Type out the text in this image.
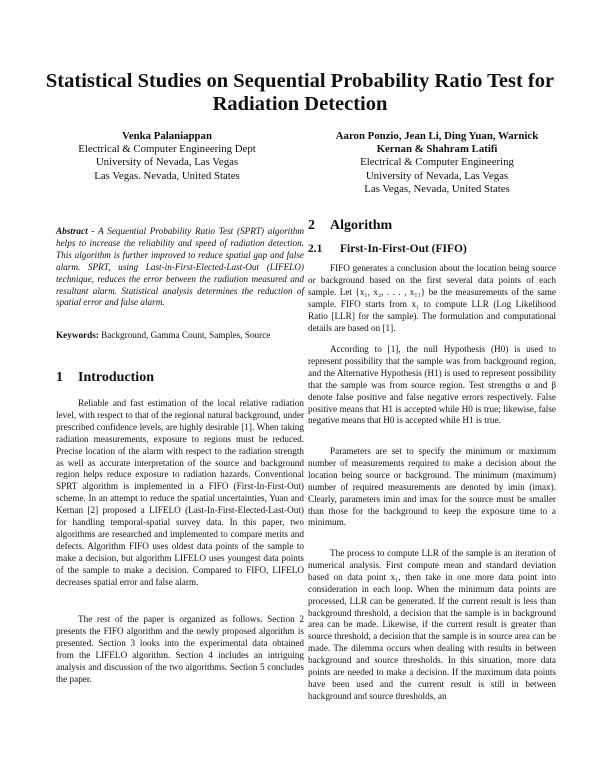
Statistical Studies on Sequential Probability Ratio Test for
Radiation Detection
Venka Palaniappan
Electrical & Computer Engineering Dept
University of Nevada, Las Vegas
Las Vegas. Nevada, United States
Aaron Ponzio, Jean Li, Ding Yuan, Warnick
Kernan & Shahram Latifi
Electrical & Computer Engineering
University of Nevada, Las Vegas
Las Vegas, Nevada, United States

Abstract - A Sequential Probability Ratio Test (SPRT) algorithm helps to increase the reliability and speed of radiation detection. This algorithm is further improved to reduce spatial gap and false alarm. SPRT, using Last-in-First-Elected-Last-Out (LIFELO) technique, reduces the error between the radiation measured and resultant alarm. Statistical analysis determines the reduction of spatial error and false alarm.

Keywords: Background, Gamma Count, Samples, Source

1 Introduction

Reliable and fast estimation of the local relative radiation level, with respect to that of the regional natural background, under prescribed confidence levels, are highly desirable [1]. When taking radiation measurements, exposure to regions must be reduced. Precise location of the alarm with respect to the radiation strength as well as accurate interpretation of the source and background region helps reduce exposure to radiation hazards. Conventional SPRT algorithm is implemented in a FIFO (First-In-First-Out) scheme. In an attempt to reduce the spatial uncertainties, Yuan and Kernan [2] proposed a LIFELO (Last-In-First-Elected-Last-Out) for handling temporal-spatial survey data. In this paper, two algorithms are researched and implemented to compare merits and defects. Algorithm FIFO uses oldest data points of the sample to make a decision, but algorithm LIFELO uses youngest data points of the sample to make a decision. Compared to FIFO, LIFELO decreases spatial error and false alarm.

The rest of the paper is organized as follows. Section 2 presents the FIFO algorithm and the newly proposed algorithm is presented. Section 3 looks into the experimental data obtained from the LIFELO algorithm. Section 4 includes an intriguing analysis and discussion of the two algorithms. Section 5 concludes the paper.

2 Algorithm
2.1 First-In-First-Out (FIFO)

FIFO generates a conclusion about the location being source or background based on the first several data points of each sample. Let {x₁, x₂, . . . , x₁₁} be the measurements of the same sample. FIFO starts from x₁ to compute LLR (Log Likelihood Ratio [LLR] for the sample). The formulation and computational details are based on [1].

According to [1], the null Hypothesis (H0) is used to represent possibility that the sample was from background region, and the Alternative Hypothesis (H1) is used to represent possibility that the sample was from source region. Test strengths α and β denote false positive and false negative errors respectively. False positive means that H1 is accepted while H0 is true; likewise, false negative means that H0 is accepted while H1 is true.

Parameters are set to specify the minimum or maximum number of measurements required to make a decision about the location being source or background. The minimum (maximum) number of required measurements are denoted by imin (imax). Clearly, parameters imin and imax for the source must be smaller than those for the background to keep the exposure time to a minimum.

The process to compute LLR of the sample is an iteration of numerical analysis. First compute mean and standard deviation based on data point x₁, then take in one more data point into consideration in each loop. When the minimum data points are processed, LLR can be generated. If the current result is less than background threshold, a decision that the sample is in background area can be made. Likewise, if the current result is greater than source threshold, a decision that the sample is in source area can be made. The dilemma occurs when dealing with results in between background and source thresholds. In this situation, more data points are needed to make a decision. If the maximum data points have been used and the current result is still in between background and source thresholds, an
